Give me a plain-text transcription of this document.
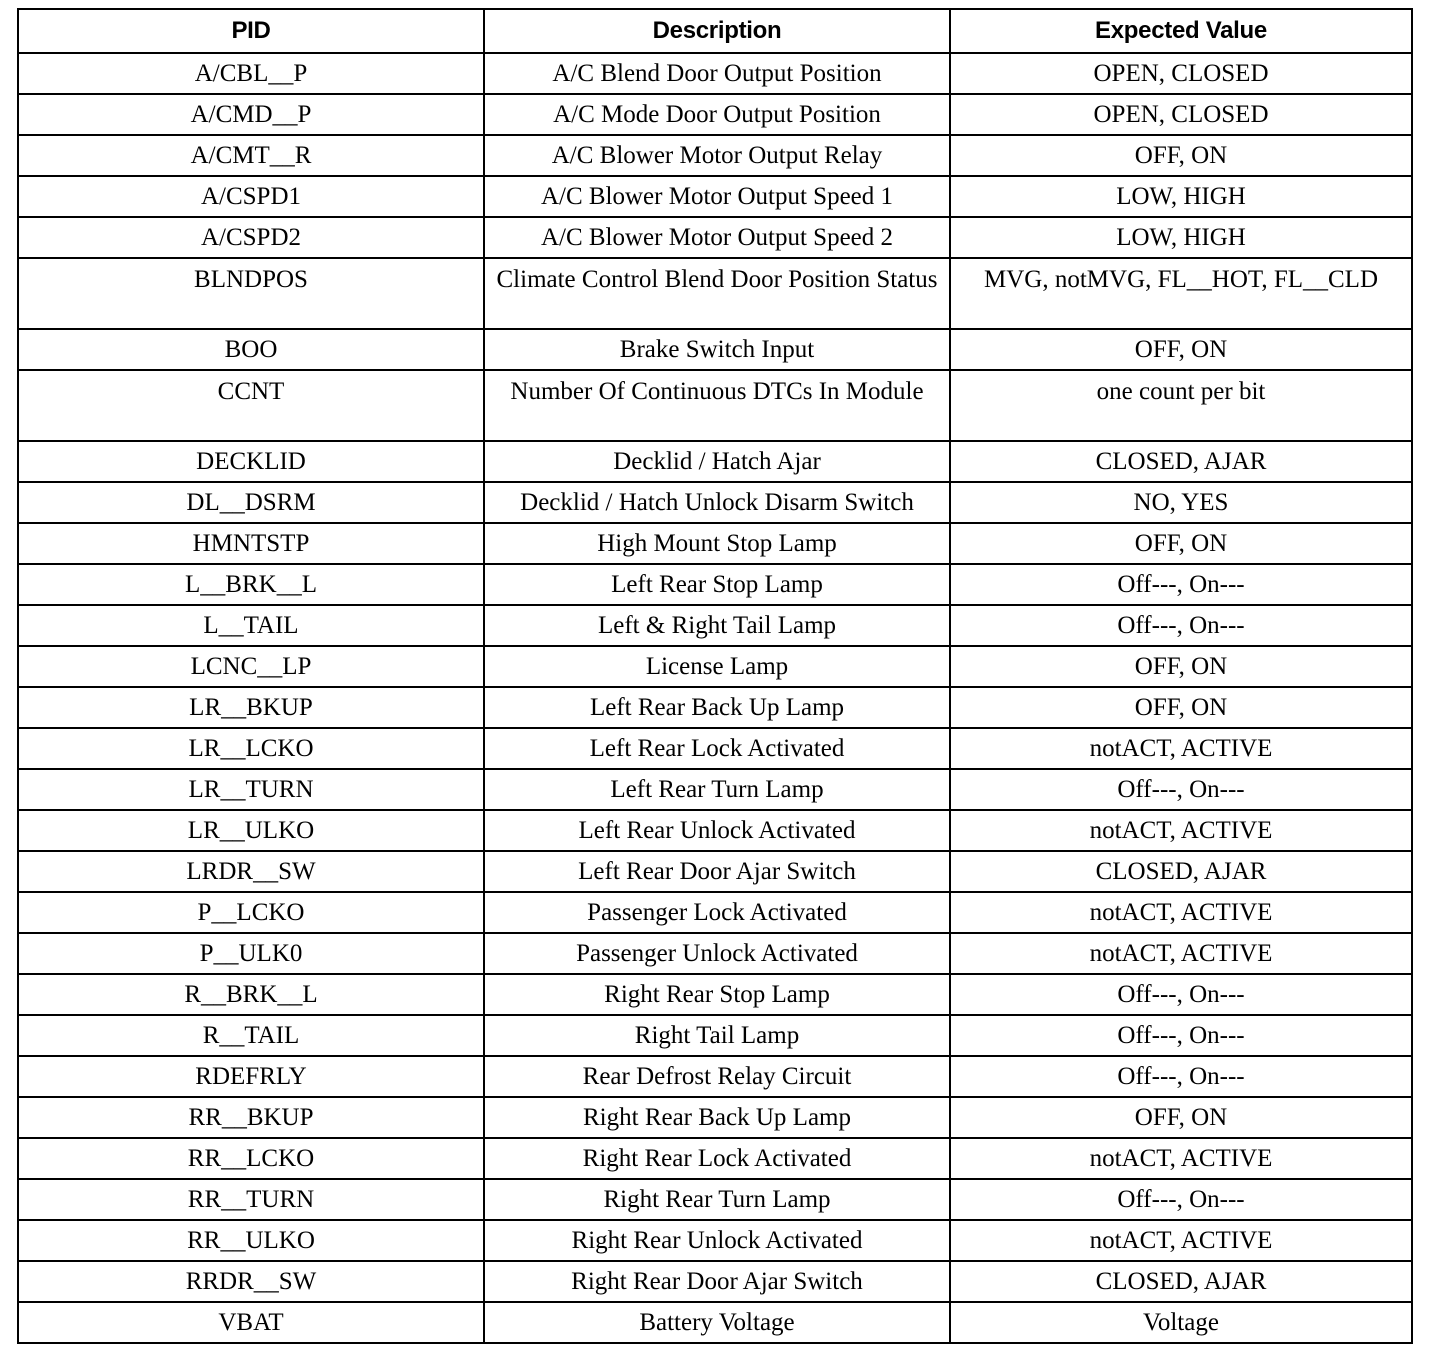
PID	Description	Expected Value
A/CBL__P	A/C Blend Door Output Position	OPEN, CLOSED
A/CMD__P	A/C Mode Door Output Position	OPEN, CLOSED
A/CMT__R	A/C Blower Motor Output Relay	OFF, ON
A/CSPD1	A/C Blower Motor Output Speed 1	LOW, HIGH
A/CSPD2	A/C Blower Motor Output Speed 2	LOW, HIGH
BLNDPOS	Climate Control Blend Door Position Status	MVG, notMVG, FL__HOT, FL__CLD
BOO	Brake Switch Input	OFF, ON
CCNT	Number Of Continuous DTCs In Module	one count per bit
DECKLID	Decklid / Hatch Ajar	CLOSED, AJAR
DL__DSRM	Decklid / Hatch Unlock Disarm Switch	NO, YES
HMNTSTP	High Mount Stop Lamp	OFF, ON
L__BRK__L	Left Rear Stop Lamp	Off---, On---
L__TAIL	Left & Right Tail Lamp	Off---, On---
LCNC__LP	License Lamp	OFF, ON
LR__BKUP	Left Rear Back Up Lamp	OFF, ON
LR__LCKO	Left Rear Lock Activated	notACT, ACTIVE
LR__TURN	Left Rear Turn Lamp	Off---, On---
LR__ULKO	Left Rear Unlock Activated	notACT, ACTIVE
LRDR__SW	Left Rear Door Ajar Switch	CLOSED, AJAR
P__LCKO	Passenger Lock Activated	notACT, ACTIVE
P__ULK0	Passenger Unlock Activated	notACT, ACTIVE
R__BRK__L	Right Rear Stop Lamp	Off---, On---
R__TAIL	Right Tail Lamp	Off---, On---
RDEFRLY	Rear Defrost Relay Circuit	Off---, On---
RR__BKUP	Right Rear Back Up Lamp	OFF, ON
RR__LCKO	Right Rear Lock Activated	notACT, ACTIVE
RR__TURN	Right Rear Turn Lamp	Off---, On---
RR__ULKO	Right Rear Unlock Activated	notACT, ACTIVE
RRDR__SW	Right Rear Door Ajar Switch	CLOSED, AJAR
VBAT	Battery Voltage	Voltage
